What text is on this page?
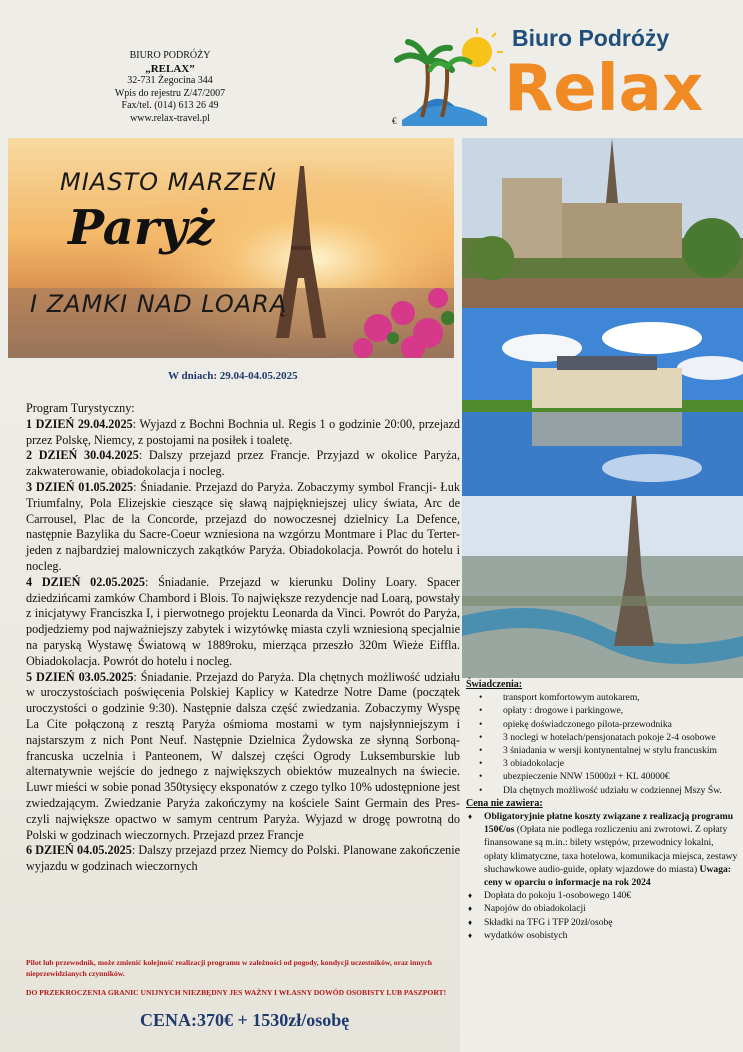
BIURO PODRÓŻY
„RELAX”
32-731 Żegocina 344
Wpis do rejestru Z/47/2007
Fax/tel. (014) 613 26 49
www.relax-travel.pl
Biuro Podróży
Relax
€
MIASTO MARZEŃ
Paryż
I ZAMKI NAD LOARĄ
W dniach: 29.04-04.05.2025

Program Turystyczny:

1 DZIEŃ 29.04.2025: Wyjazd z Bochni Bochnia ul. Regis 1 o godzinie 20:00, przejazd przez Polskę, Niemcy, z postojami na posiłek i toaletę.

2 DZIEŃ 30.04.2025: Dalszy przejazd przez Francje. Przyjazd w okolice Paryża, zakwaterowanie, obiadokolacja i nocleg.

3 DZIEŃ 01.05.2025: Śniadanie. Przejazd do Paryża. Zobaczymy symbol Francji- Łuk Triumfalny, Pola Elizejskie cieszące się sławą najpiękniejszej ulicy świata, Arc de Carrousel, Plac de la Concorde, przejazd do nowoczesnej dzielnicy La Defence, następnie Bazylika du Sacre-Coeur wzniesiona na wzgórzu Montmare i Plac du Terter-jeden z najbardziej malowniczych zakątków Paryża. Obiadokolacja. Powrót do hotelu i nocleg.

4 DZIEŃ 02.05.2025: Śniadanie. Przejazd w kierunku Doliny Loary. Spacer dziedzińcami zamków Chambord i Blois. To największe rezydencje nad Loarą, powstały z inicjatywy Franciszka I, i pierwotnego projektu Leonarda da Vinci. Powrót do Paryża, podjedziemy pod najważniejszy zabytek i wizytówkę miasta czyli wzniesioną specjalnie na paryską Wystawę Światową w 1889roku, mierząca przeszło 320m Wieże Eiffla. Obiadokolacja. Powrót do hotelu i nocleg.

5 DZIEŃ 03.05.2025: Śniadanie. Przejazd do Paryża. Dla chętnych możliwość udziału w uroczystościach poświęcenia Polskiej Kaplicy w Katedrze Notre Dame (początek uroczystości o godzinie 9:30). Następnie dalsza część zwiedzania. Zobaczymy Wyspę La Cite połączoną z resztą Paryża ośmioma mostami w tym najsłynniejszym i najstarszym z nich Pont Neuf. Następnie Dzielnica Żydowska ze słynną Sorboną-francuska uczelnia i Panteonem, W dalszej części Ogrody Luksemburskie lub alternatywnie wejście do jednego z największych obiektów muzealnych na świecie. Luwr mieści w sobie ponad 350tysięcy eksponatów z czego tylko 10% udostępnione jest zwiedzającym. Zwiedzanie Paryża zakończymy na kościele Saint Germain des Pres-czyli największe opactwo w samym centrum Paryża. Wyjazd w drogę powrotną do Polski w godzinach wieczornych. Przejazd przez Francje

6 DZIEŃ 04.05.2025: Dalszy przejazd przez Niemcy do Polski. Planowane zakończenie wyjazdu w godzinach wieczornych

Pilot lub przewodnik, może zmienić kolejność realizacji programu w zależności od pogody, kondycji uczestników, oraz innych nieprzewidzianych czynników.
DO PRZEKROCZENIA GRANIC UNIJNYCH NIEZBĘDNY JES WAŻNY I WŁASNY DOWÓD OSOBISTY LUB PASZPORT!
CENA:370€ + 1530zł/osobę
Świadczenia:
• transport komfortowym autokarem,
• opłaty : drogowe i parkingowe,
• opiekę doświadczonego pilota-przewodnika
• 3 noclegi w hotelach/pensjonatach pokoje 2-4 osobowe
• 3 śniadania w wersji kontynentalnej w stylu francuskim
• 3 obiadokolacje
• ubezpieczenie NNW 15000zł + KL 40000€
• Dla chętnych możliwość udziału w codziennej Mszy Św.
Cena nie zawiera:
♦ Obligatoryjnie płatne koszty związane z realizacją programu 150€/os (Opłata nie podlega rozliczeniu ani zwrotowi. Z opłaty finansowane są m.in.: bilety wstępów, przewodnicy lokalni, opłaty klimatyczne, taxa hotelowa, komunikacja miejsca, zestawy słuchawkowe audio-guide, opłaty wjazdowe do miasta) Uwaga: ceny w oparciu o informacje na rok 2024
♦ Dopłata do pokoju 1-osobowego 140€
♦ Napojów do obiadokolacji
♦ Składki na TFG i TFP 20zł/osobę
♦ wydatków osobistych
